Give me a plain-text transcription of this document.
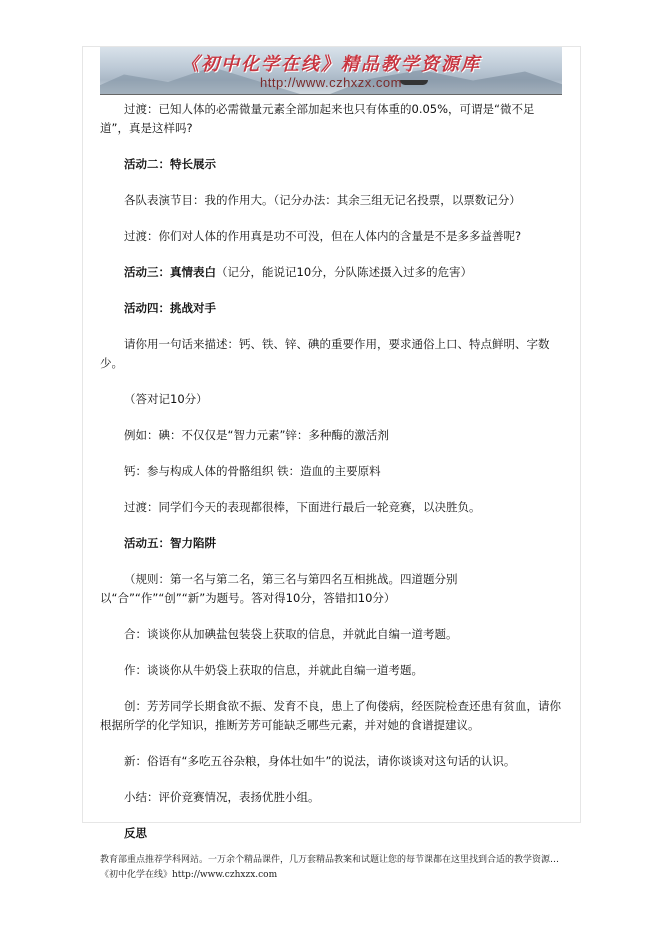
《初中化学在线》精品教学资源库
http://www.czhxzx.com

过渡：已知人体的必需微量元素全部加起来也只有体重的0.05%，可谓是“微不足道”，真是这样吗?

活动二：特长展示

各队表演节目：我的作用大。（记分办法：其余三组无记名投票，以票数记分）

过渡：你们对人体的作用真是功不可没，但在人体内的含量是不是多多益善呢?

活动三：真情表白（记分，能说记10分，分队陈述摄入过多的危害）

活动四：挑战对手

请你用一句话来描述：钙、铁、锌、碘的重要作用，要求通俗上口、特点鲜明、字数少。

（答对记10分）

例如：碘：不仅仅是“智力元素”锌：多种酶的激活剂

钙：参与构成人体的骨骼组织 铁：造血的主要原料

过渡：同学们今天的表现都很棒，下面进行最后一轮竞赛，以决胜负。

活动五：智力陷阱

（规则：第一名与第二名，第三名与第四名互相挑战。四道题分别以“合”“作”“创”“新”为题号。答对得10分，答错扣10分）

合：谈谈你从加碘盐包装袋上获取的信息，并就此自编一道考题。

作：谈谈你从牛奶袋上获取的信息，并就此自编一道考题。

创：芳芳同学长期食欲不振、发育不良，患上了佝偻病，经医院检查还患有贫血，请你根据所学的化学知识，推断芳芳可能缺乏哪些元素，并对她的食谱提建议。

新：俗语有“多吃五谷杂粮，身体壮如牛”的说法，请你谈谈对这句话的认识。

小结：评价竞赛情况，表扬优胜小组。

反思

教育部重点推荐学科网站。一万余个精品课件，几万套精品教案和试题让您的每节课都在这里找到合适的教学资源…《初中化学在线》http://www.czhxzx.com
